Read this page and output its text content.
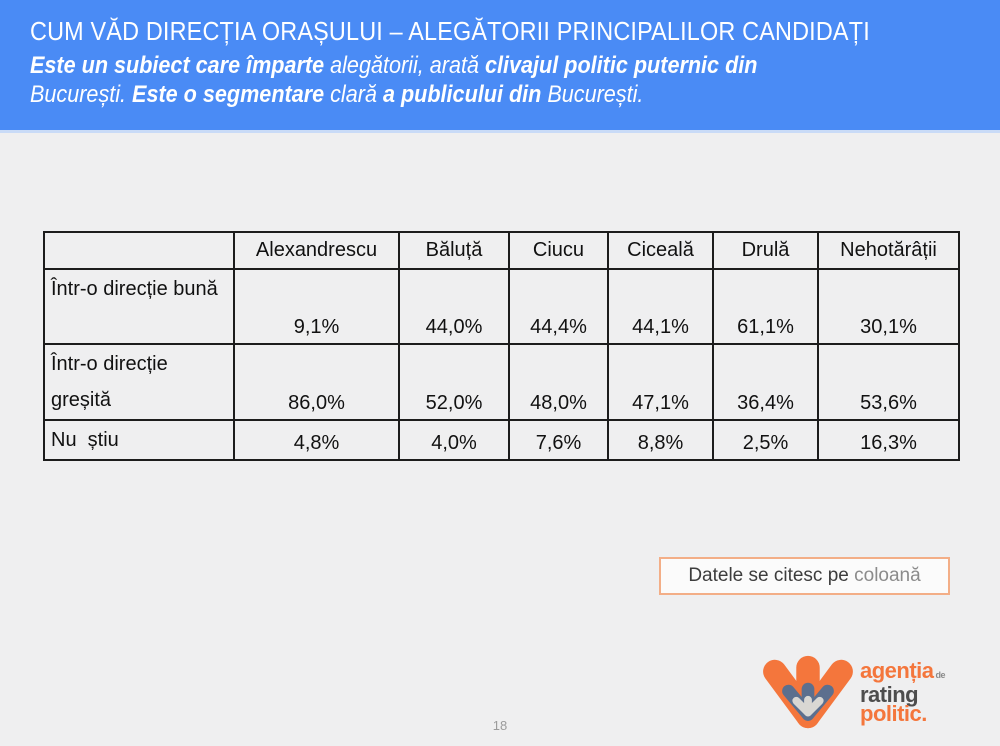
CUM VĂD DIRECȚIA ORAȘULUI – ALEGĂTORII PRINCIPALILOR CANDIDAȚI
Este un subiect care împarte alegătorii, arată clivajul politic puternic din
București. Este o segmentare clară a publicului din București.
	Alexandrescu	Băluță	Ciucu	Ciceală	Drulă	Nehotărâții
Într-o direcție bună	9,1%	44,0%	44,4%	44,1%	61,1%	30,1%
Într-o direcție greșită	86,0%	52,0%	48,0%	47,1%	36,4%	53,6%
Nu  știu	4,8%	4,0%	7,6%	8,8%	2,5%	16,3%
Datele se citesc pe coloană
agenția de
rating
politic.
18
